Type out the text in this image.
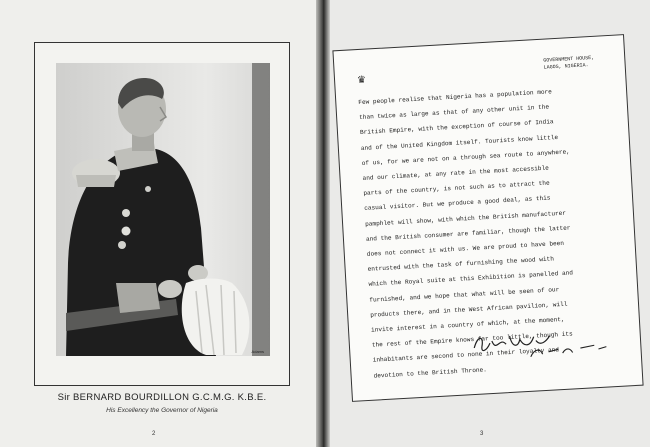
Adams
Sir BERNARD BOURDILLON G.C.M.G. K.B.E.
His Excellency the Governor of Nigeria
2
♛
GOVERNMENT HOUSE,
LAGOS, NIGERIA.
Few people realise that Nigeria has a population more
than twice as large as that of any other unit in the
British Empire, with the exception of course of India
and of the United Kingdom itself. Tourists know little
of us, for we are not on a through sea route to anywhere,
and our climate, at any rate in the most accessible
parts of the country, is not such as to attract the
casual visitor. But we produce a good deal, as this
pamphlet will show, with which the British manufacturer
and the British consumer are familiar, though the latter
does not connect it with us. We are proud to have been
entrusted with the task of furnishing the wood with
which the Royal suite at this Exhibition is panelled and
furnished, and we hope that what will be seen of our
products there, and in the West African pavilion, will
invite interest in a country of which, at the moment,
the rest of the Empire knows far too little, though its
inhabitants are second to none in their loyalty and
devotion to the British Throne.
3
